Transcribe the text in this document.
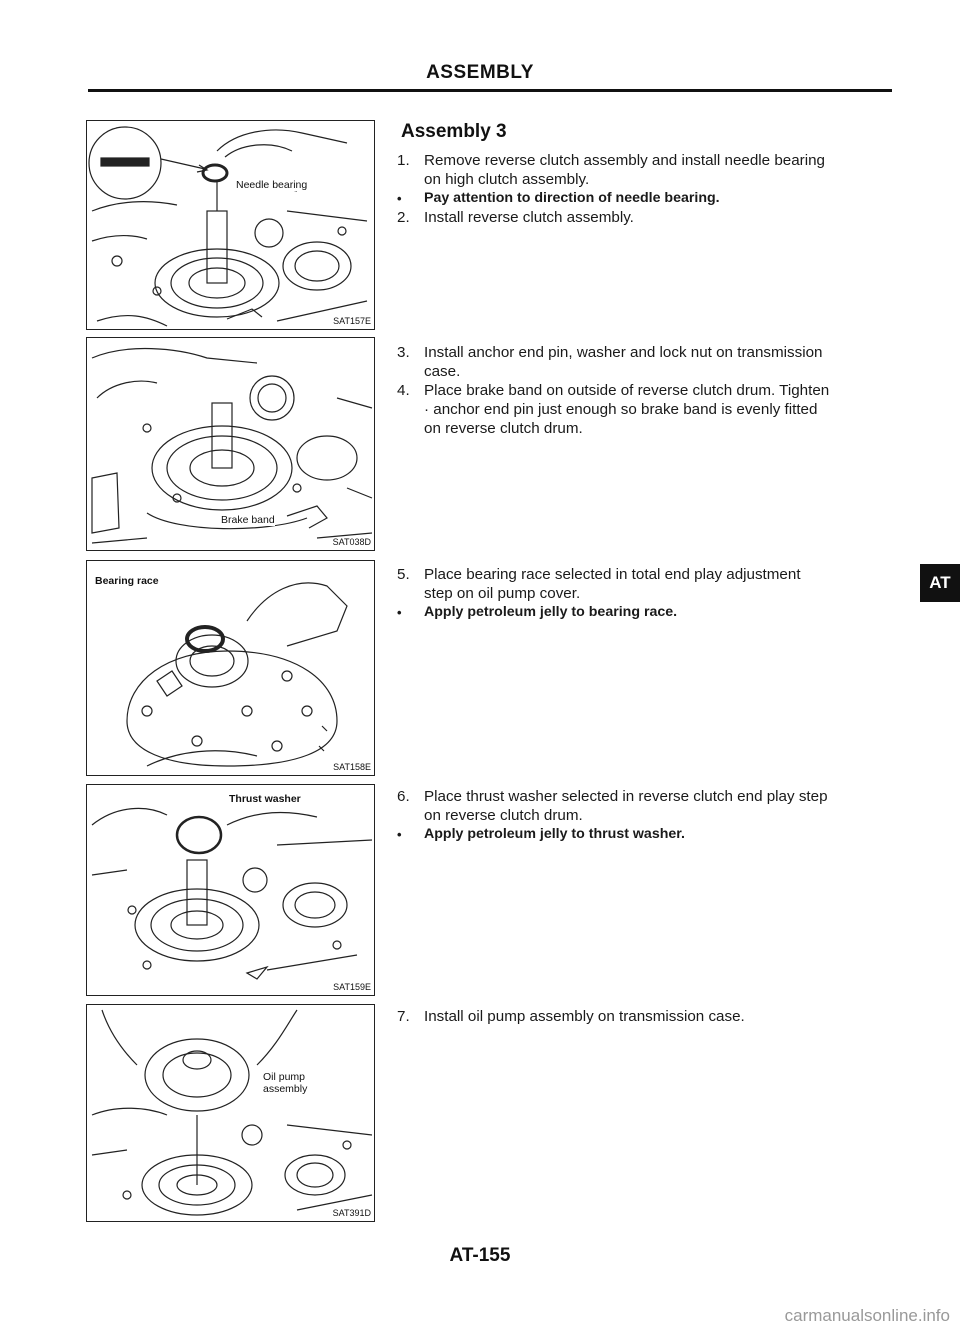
ASSEMBLY
Needle bearing
SAT157E
Brake band
SAT038D
Bearing race
SAT158E
Thrust washer
SAT159E
Oil pump
assembly
SAT391D
Assembly 3
1. Remove reverse clutch assembly and install needle bearing
on high clutch assembly.
•	Pay attention to direction of needle bearing.
2. Install reverse clutch assembly.
3. Install anchor end pin, washer and lock nut on transmission
case.
4. Place brake band on outside of reverse clutch drum. Tighten
· anchor end pin just enough so brake band is evenly fitted
on reverse clutch drum.
5. Place bearing race selected in total end play adjustment
step on oil pump cover.
•	Apply petroleum jelly to bearing race.
6. Place thrust washer selected in reverse clutch end play step
on reverse clutch drum.
•	Apply petroleum jelly to thrust washer.
7. Install oil pump assembly on transmission case.
AT
AT-155
carmanualsonline.info
